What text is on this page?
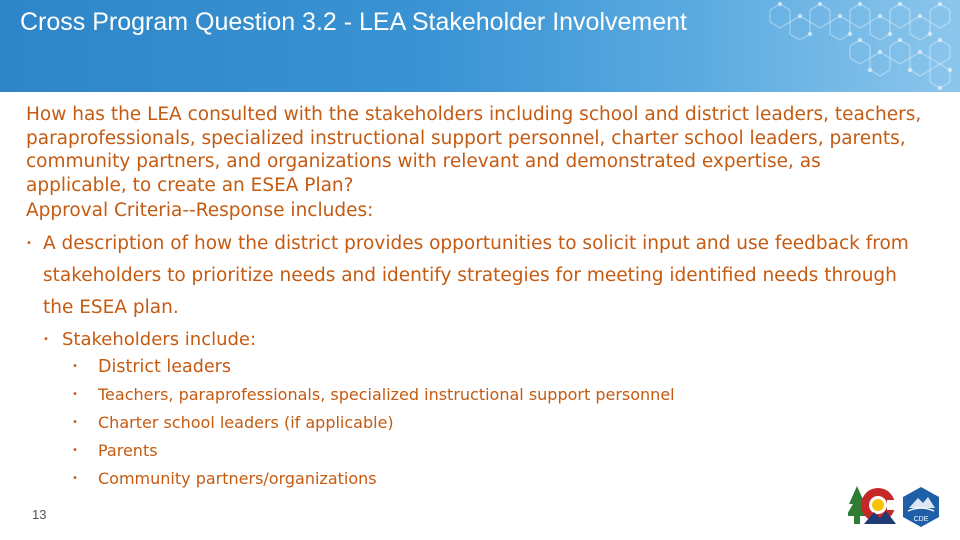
Cross Program Question 3.2 - LEA Stakeholder Involvement

How has the LEA consulted with the stakeholders including school and district leaders, teachers, paraprofessionals, specialized instructional support personnel, charter school leaders, parents, community partners, and organizations with relevant and demonstrated expertise, as applicable, to create an ESEA Plan?

Approval Criteria--Response includes:

• A description of how the district provides opportunities to solicit input and use feedback from stakeholders to prioritize needs and identify strategies for meeting identified needs through the ESEA plan.
• Stakeholders include:
• District leaders
• Teachers, paraprofessionals, specialized instructional support personnel
• Charter school leaders (if applicable)
• Parents
• Community partners/organizations
13	CDE
